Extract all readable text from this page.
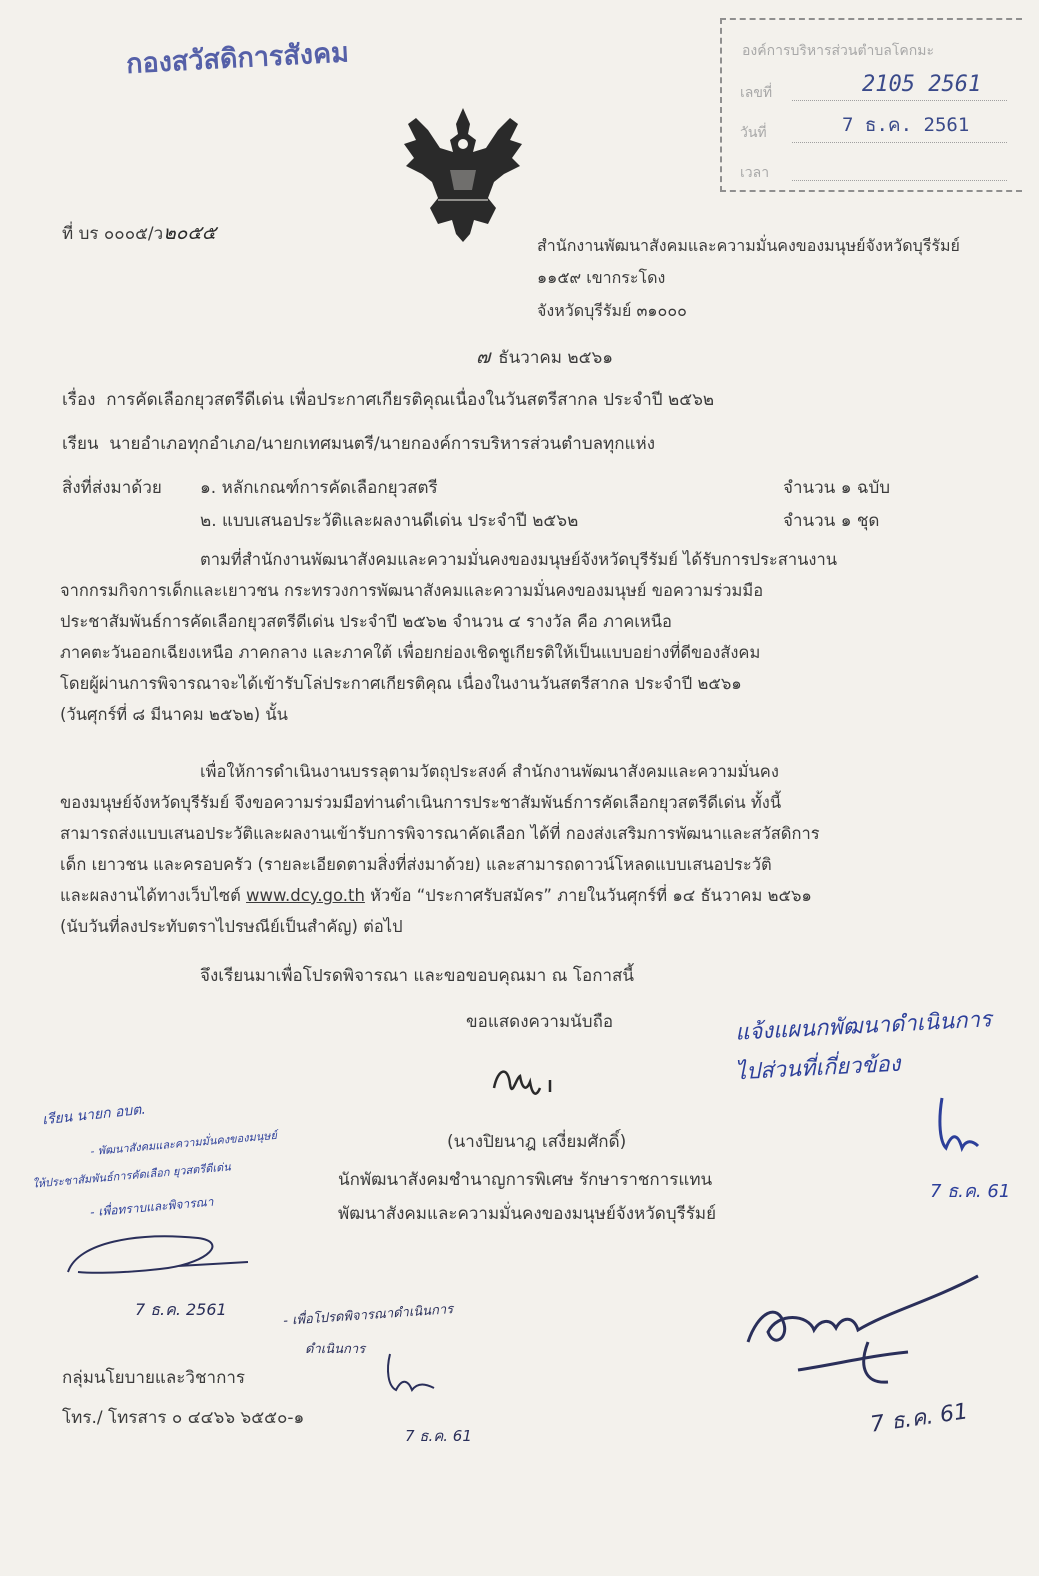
กองสวัสดิการสังคม	องค์การบริหารส่วนตำบลโคกมะ
เลขที่	2105 2561
วันที่	7 ธ.ค. 2561
เวลา
ที่ บร ๐๐๐๕/ว๒๐๕๕
สำนักงานพัฒนาสังคมและความมั่นคงของมนุษย์จังหวัดบุรีรัมย์
๑๑๕๙ เขากระโดง
จังหวัดบุรีรัมย์ ๓๑๐๐๐
๗ ธันวาคม ๒๕๖๑
เรื่อง การคัดเลือกยุวสตรีดีเด่น เพื่อประกาศเกียรติคุณเนื่องในวันสตรีสากล ประจำปี ๒๕๖๒
เรียน นายอำเภอทุกอำเภอ/นายกเทศมนตรี/นายกองค์การบริหารส่วนตำบลทุกแห่ง
สิ่งที่ส่งมาด้วย ๑. หลักเกณฑ์การคัดเลือกยุวสตรี	จำนวน ๑ ฉบับ
๒. แบบเสนอประวัติและผลงานดีเด่น ประจำปี ๒๕๖๒	จำนวน ๑ ชุด
ตามที่สำนักงานพัฒนาสังคมและความมั่นคงของมนุษย์จังหวัดบุรีรัมย์ ได้รับการประสานงาน
จากกรมกิจการเด็กและเยาวชน กระทรวงการพัฒนาสังคมและความมั่นคงของมนุษย์ ขอความร่วมมือ
ประชาสัมพันธ์การคัดเลือกยุวสตรีดีเด่น ประจำปี ๒๕๖๒ จำนวน ๔ รางวัล คือ ภาคเหนือ
ภาคตะวันออกเฉียงเหนือ ภาคกลาง และภาคใต้ เพื่อยกย่องเชิดชูเกียรติให้เป็นแบบอย่างที่ดีของสังคม
โดยผู้ผ่านการพิจารณาจะได้เข้ารับโล่ประกาศเกียรติคุณ เนื่องในงานวันสตรีสากล ประจำปี ๒๕๖๑
(วันศุกร์ที่ ๘ มีนาคม ๒๕๖๒) นั้น
เพื่อให้การดำเนินงานบรรลุตามวัตถุประสงค์ สำนักงานพัฒนาสังคมและความมั่นคง
ของมนุษย์จังหวัดบุรีรัมย์ จึงขอความร่วมมือท่านดำเนินการประชาสัมพันธ์การคัดเลือกยุวสตรีดีเด่น ทั้งนี้
สามารถส่งแบบเสนอประวัติและผลงานเข้ารับการพิจารณาคัดเลือก ได้ที่ กองส่งเสริมการพัฒนาและสวัสดิการ
เด็ก เยาวชน และครอบครัว (รายละเอียดตามสิ่งที่ส่งมาด้วย) และสามารถดาวน์โหลดแบบเสนอประวัติ
และผลงานได้ทางเว็บไซต์ www.dcy.go.th หัวข้อ “ประกาศรับสมัคร” ภายในวันศุกร์ที่ ๑๔ ธันวาคม ๒๕๖๑
(นับวันที่ลงประทับตราไปรษณีย์เป็นสำคัญ) ต่อไป
จึงเรียนมาเพื่อโปรดพิจารณา และขอขอบคุณมา ณ โอกาสนี้
ขอแสดงความนับถือ
(นางปิยนาฎ เสงี่ยมศักดิ์)
นักพัฒนาสังคมชำนาญการพิเศษ รักษาราชการแทน
พัฒนาสังคมและความมั่นคงของมนุษย์จังหวัดบุรีรัมย์
กลุ่มนโยบายและวิชาการ
โทร./ โทรสาร ๐ ๔๔๖๖ ๖๕๕๐-๑
แจ้งแผนกพัฒนาดำเนินการ
ไปส่วนที่เกี่ยวข้อง
7 ธ.ค. 61
เรียน นายก อบต.
- พัฒนาสังคมและความมั่นคงของมนุษย์
ให้ประชาสัมพันธ์การคัดเลือก ยุวสตรีดีเด่น
- เพื่อทราบและพิจารณา
7 ธ.ค. 2561	- เพื่อโปรดพิจารณาดำเนินการ
ดำเนินการ
7 ธ.ค. 61	7 ธ.ค. 61
